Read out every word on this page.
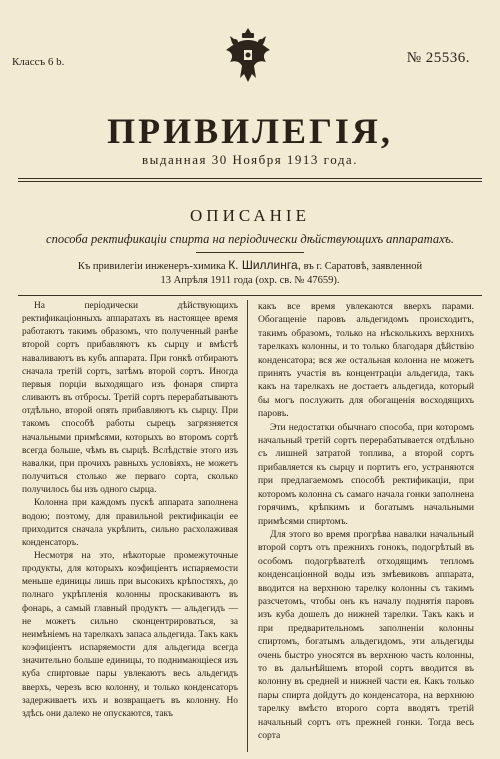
Классъ 6 b.	№ 25536.
ПРИВИЛЕГІЯ,
выданная 30 Ноября 1913 года.
ОПИСАНІЕ
способа ректификаціи спирта на періодически дѣйствующихъ аппаратахъ.
Къ привилегіи инженеръ-химика К. Шиллинга, въ г. Саратовѣ, заявленной
13 Апрѣля 1911 года (охр. св. № 47659).

На періодически дѣйствующихъ ректификаціонныхъ аппаратахъ въ настоящее время работаютъ такимъ образомъ, что полученный ранѣе второй сортъ прибавляютъ къ сырцу и вмѣстѣ наваливаютъ въ кубъ аппарата. При гонкѣ отбираютъ сначала третій сортъ, затѣмъ второй сортъ. Иногда первыя порціи выходящаго изъ фонаря спирта сливаютъ въ отбросы. Третій сортъ перерабатываютъ отдѣльно, второй опять прибавляютъ къ сырцу. При такомъ способѣ работы сырецъ загрязняется начальными примѣсями, которыхъ во второмъ сортѣ всегда больше, чѣмъ въ сырцѣ. Вслѣдствіе этого изъ навалки, при прочихъ равныхъ условіяхъ, не можетъ получиться столько же перваго сорта, сколько получилось бы изъ одного сырца.

Колонна при каждомъ пускѣ аппарата заполнена водою; поэтому, для правильной ректификаціи ее приходится сначала укрѣпить, сильно расхолаживая конденсаторъ.

Несмотря на это, нѣкоторые промежуточные продукты, для которыхъ коэфиціентъ испаряемости меньше единицы лишь при высокихъ крѣпостяхъ, до полнаго укрѣпленія колонны проскакиваютъ въ фонарь, а самый главный продуктъ — альдегидъ — не можетъ сильно сконцентрироваться, за неимѣніемъ на тарелкахъ запаса альдегида. Такъ какъ коэфиціентъ испаряемости для альдегида всегда значительно больше единицы, то поднимающіеся изъ куба спиртовые пары увлекаютъ весь альдегидъ вверхъ, черезъ всю колонну, и только конденсаторъ задерживаетъ ихъ и возвращаетъ въ колонну. Но здѣсь они далеко не опускаются, такъ

какъ все время увлекаются вверхъ парами. Обогащеніе паровъ альдегидомъ происходитъ, такимъ образомъ, только на нѣсколькихъ верхнихъ тарелкахъ колонны, и то только благодаря дѣйствію конденсатора; вся же остальная колонна не можетъ принять участія въ концентраціи альдегида, такъ какъ на тарелкахъ не достаетъ альдегида, который бы могъ послужить для обогащенія восходящихъ паровъ.

Эти недостатки обычнаго способа, при которомъ начальный третій сортъ перерабатывается отдѣльно съ лишней затратой топлива, а второй сортъ прибавляется къ сырцу и портитъ его, устраняются при предлагаемомъ способѣ ректификаціи, при которомъ колонна съ самаго начала гонки заполнена горячимъ, крѣпкимъ и богатымъ начальными примѣсями спиртомъ.

Для этого во время прогрѣва навалки начальный второй сортъ отъ прежнихъ гонокъ, подогрѣтый въ особомъ подогрѣвателѣ отходящимъ тепломъ конденсаціонной воды изъ змѣевиковъ аппарата, вводится на верхнюю тарелку колонны съ такимъ разсчетомъ, чтобы онъ къ началу поднятія паровъ изъ куба дошелъ до нижней тарелки. Такъ какъ и при предварительномъ заполненіи колонны спиртомъ, богатымъ альдегидомъ, эти альдегиды очень быстро уносятся въ верхнюю часть колонны, то въ дальнѣйшемъ второй сортъ вводится въ колонну въ средней и нижней части ея. Какъ только пары спирта дойдутъ до конденсатора, на верхнюю тарелку вмѣсто второго сорта вводятъ третій начальный сортъ отъ прежней гонки. Тогда весь сорта
